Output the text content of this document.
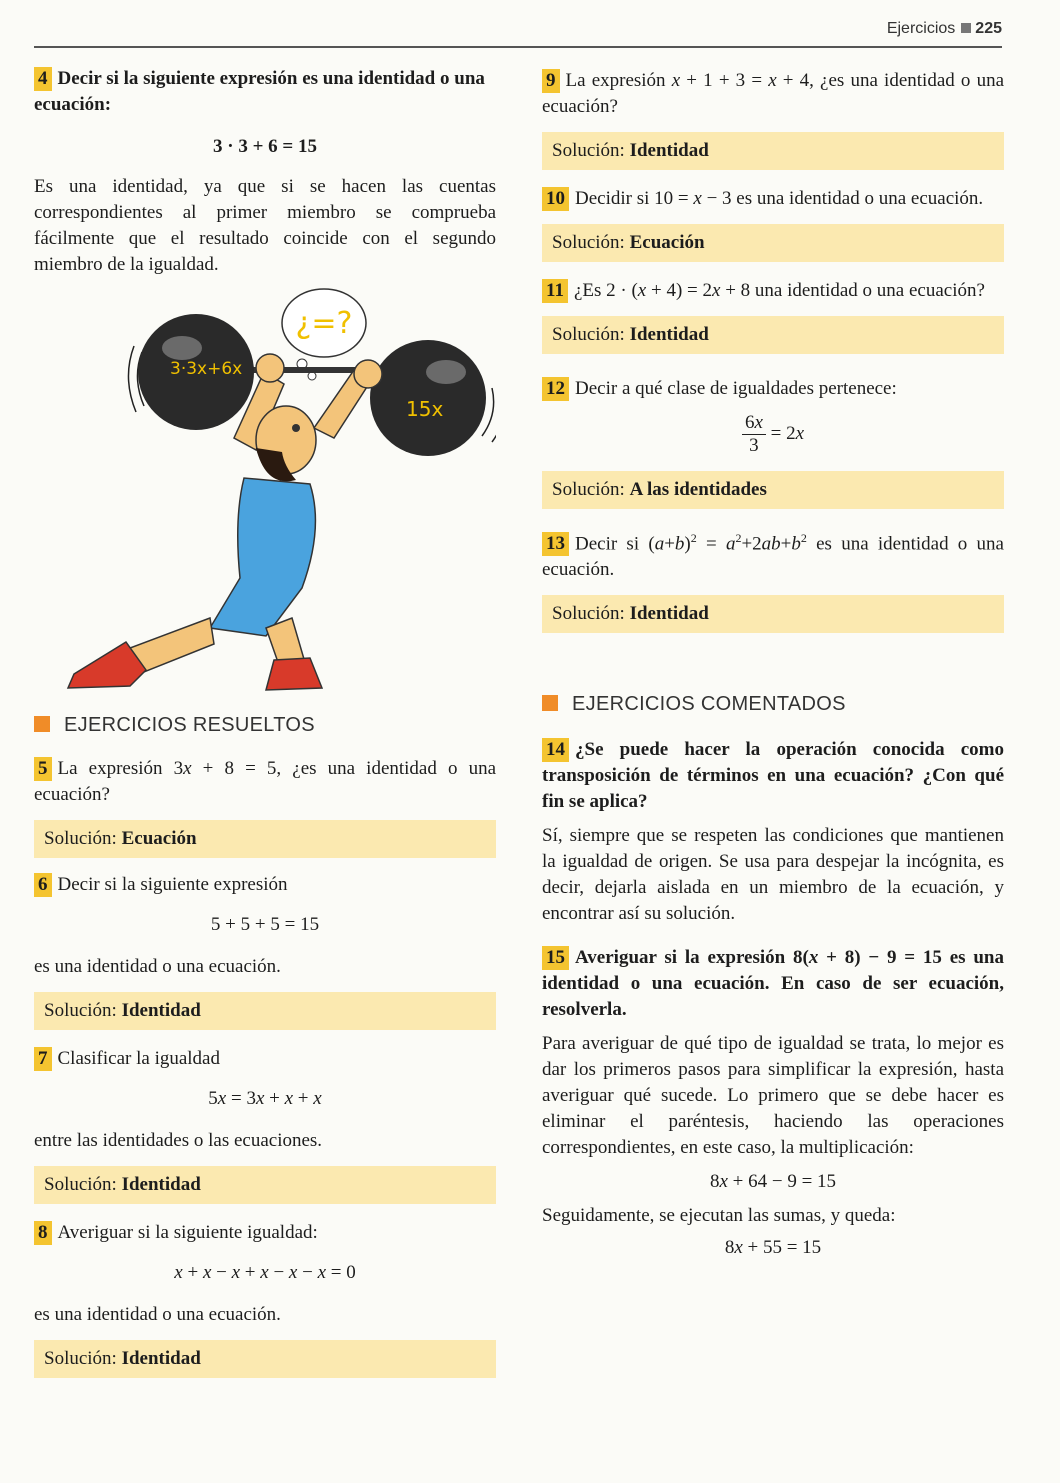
Ejercicios 225

4 Decir si la siguiente expresión es una identidad o una ecuación:

3 · 3 + 6 = 15

Es una identidad, ya que si se hacen las cuentas correspondientes al primer miembro se comprueba fácilmente que el resultado coincide con el segundo miembro de la igualdad.

¿=?
3·3x+6x
15x
EJERCICIOS RESUELTOS

5 La expresión 3x + 8 = 5, ¿es una identidad o una ecuación?

Solución: Ecuación

6 Decir si la siguiente expresión

5 + 5 + 5 = 15

es una identidad o una ecuación.

Solución: Identidad

7 Clasificar la igualdad

5x = 3x + x + x

entre las identidades o las ecuaciones.

Solución: Identidad

8 Averiguar si la siguiente igualdad:

x + x − x + x − x − x = 0

es una identidad o una ecuación.

Solución: Identidad

9 La expresión x + 1 + 3 = x + 4, ¿es una identidad o una ecuación?

Solución: Identidad

10 Decidir si 10 = x − 3 es una identidad o una ecuación.

Solución: Ecuación

11 ¿Es 2 · (x + 4) = 2x + 8 una identidad o una ecuación?

Solución: Identidad

12 Decir a qué clase de igualdades pertenece:

$\frac{6x}{3} = 2x$
Solución: A las identidades

13 Decir si $(a+b)^2 = a^2+2ab+b^2$ es una identidad o una ecuación.

Solución: Identidad
EJERCICIOS COMENTADOS

14 ¿Se puede hacer la operación conocida como transposición de términos en una ecuación? ¿Con qué fin se aplica?

Sí, siempre que se respeten las condiciones que mantienen la igualdad de origen. Se usa para despejar la incógnita, es decir, dejarla aislada en un miembro de la ecuación, y encontrar así su solución.

15 Averiguar si la expresión 8(x + 8) − 9 = 15 es una identidad o una ecuación. En caso de ser ecuación, resolverla.

Para averiguar de qué tipo de igualdad se trata, lo mejor es dar los primeros pasos para simplificar la expresión, hasta averiguar qué sucede. Lo primero que se debe hacer es eliminar el paréntesis, haciendo las operaciones correspondientes, en este caso, la multiplicación:

8x + 64 − 9 = 15

Seguidamente, se ejecutan las sumas, y queda:

8x + 55 = 15
